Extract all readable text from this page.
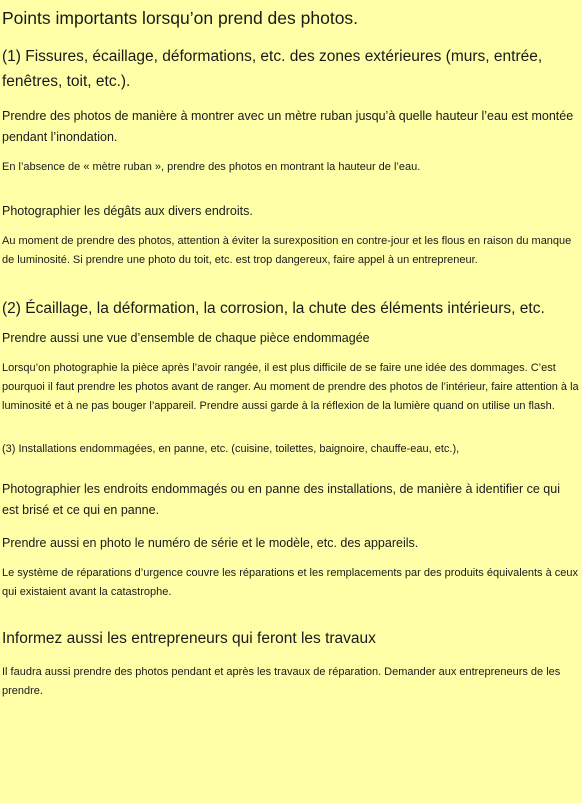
Points importants lorsqu’on prend des photos.

(1) Fissures, écaillage, déformations, etc. des zones extérieures (murs, entrée, fenêtres, toit, etc.).

Prendre des photos de manière à montrer avec un mètre ruban jusqu’à quelle hauteur l’eau est montée pendant l’inondation.

En l’absence de « mètre ruban », prendre des photos en montrant la hauteur de l’eau.

Photographier les dégâts aux divers endroits.

Au moment de prendre des photos, attention à éviter la surexposition en contre-jour et les flous en raison du manque de luminosité. Si prendre une photo du toit, etc. est trop dangereux, faire appel à un entrepreneur.

(2) Écaillage, la déformation, la corrosion, la chute des éléments intérieurs, etc.

Prendre aussi une vue d’ensemble de chaque pièce endommagée

Lorsqu’on photographie la pièce après l’avoir rangée, il est plus difficile de se faire une idée des dommages. C’est pourquoi il faut prendre les photos avant de ranger. Au moment de prendre des photos de l’intérieur, faire attention à la luminosité et à ne pas bouger l’appareil. Prendre aussi garde à la réflexion de la lumière quand on utilise un flash.

(3) Installations endommagées, en panne, etc. (cuisine, toilettes, baignoire, chauffe-eau, etc.),

Photographier les endroits endommagés ou en panne des installations, de manière à identifier ce qui est brisé et ce qui en panne.

Prendre aussi en photo le numéro de série et le modèle, etc. des appareils.

Le système de réparations d’urgence couvre les réparations et les remplacements par des produits équivalents à ceux qui existaient avant la catastrophe.

Informez aussi les entrepreneurs qui feront les travaux

Il faudra aussi prendre des photos pendant et après les travaux de réparation. Demander aux entrepreneurs de les prendre.
